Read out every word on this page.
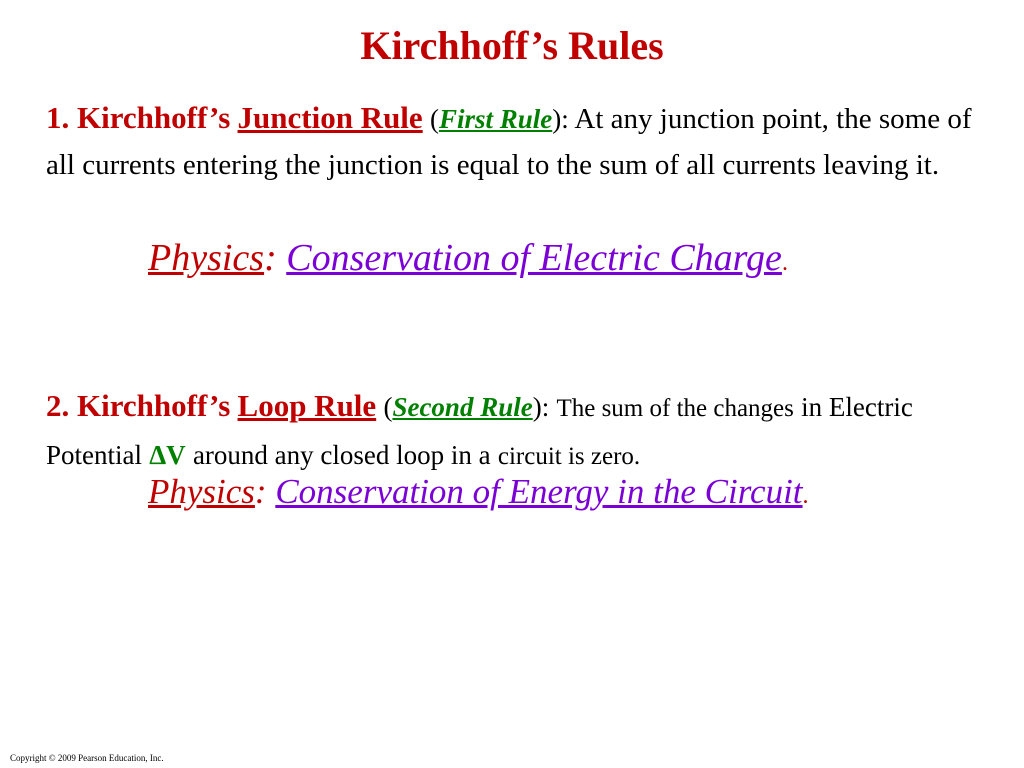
Kirchhoff’s Rules

1. Kirchhoff’s Junction Rule (First Rule): At any junction point, the some of all currents entering the junction is equal to the sum of all currents leaving it.

Physics: Conservation of Electric Charge.

2. Kirchhoff’s Loop Rule (Second Rule): The sum of the changes in Electric Potential ΔV around any closed loop in a circuit is zero.

Physics: Conservation of Energy in the Circuit.

Copyright © 2009 Pearson Education, Inc.
